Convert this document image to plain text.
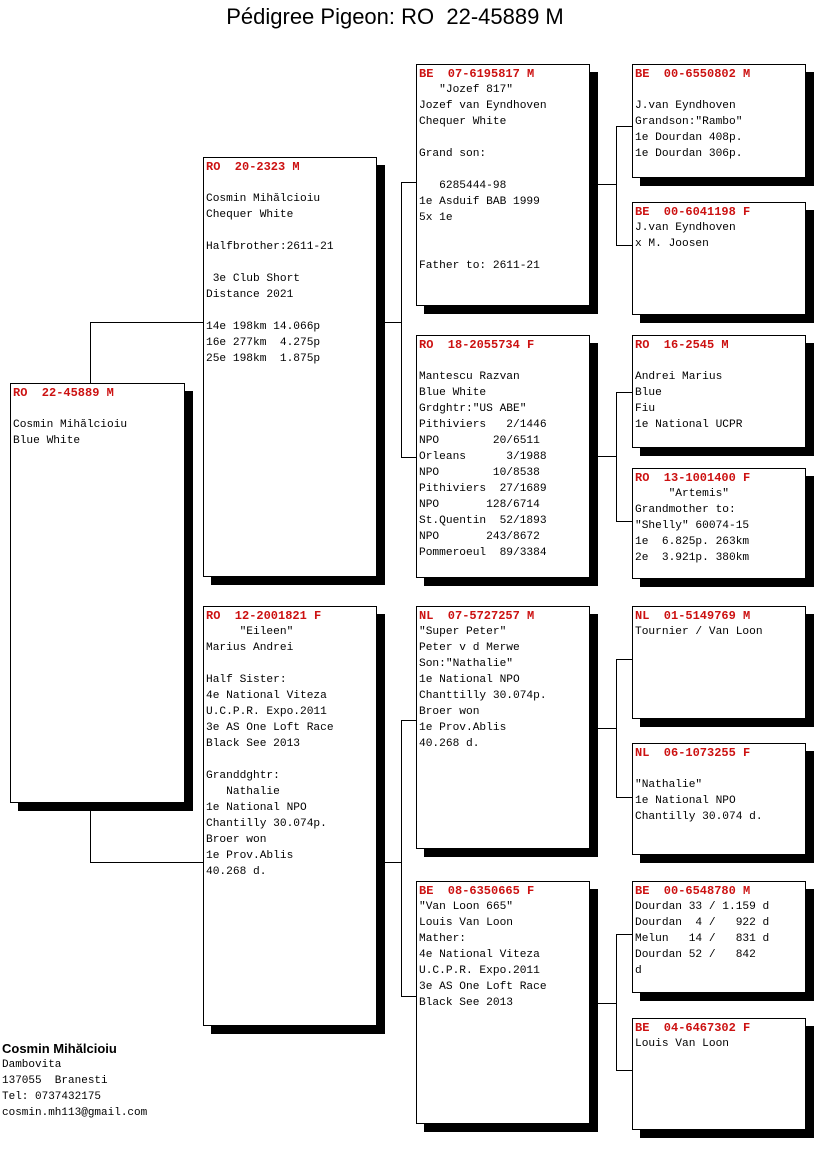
Pédigree Pigeon: RO  22-45889 M
RO  22-45889 M
Cosmin Mihălcioiu
Blue White
RO  20-2323 M
Cosmin Mihălcioiu
Chequer White
Halfbrother:2611-21
3e Club Short
Distance 2021
14e 198km 14.066p
16e 277km  4.275p
25e 198km  1.875p
RO  12-2001821 F
"Eileen"
Marius Andrei
Half Sister:
4e National Viteza
U.C.P.R. Expo.2011
3e AS One Loft Race
Black See 2013
Granddghtr:
Nathalie
1e National NPO
Chantilly 30.074p.
Broer won
1e Prov.Ablis
40.268 d.
BE  07-6195817 M
"Jozef 817"
Jozef van Eyndhoven
Chequer White
Grand son:
6285444-98
1e Asduif BAB 1999
5x 1e
Father to: 2611-21
RO  18-2055734 F
Mantescu Razvan
Blue White
Grdghtr:"US ABE"
Pithiviers   2/1446
NPO        20/6511
Orleans      3/1988
NPO        10/8538
Pithiviers  27/1689
NPO       128/6714
St.Quentin  52/1893
NPO       243/8672
Pommeroeul  89/3384
NL  07-5727257 M
"Super Peter"
Peter v d Merwe
Son:"Nathalie"
1e National NPO
Chanttilly 30.074p.
Broer won
1e Prov.Ablis
40.268 d.
BE  08-6350665 F
"Van Loon 665"
Louis Van Loon
Mather:
4e National Viteza
U.C.P.R. Expo.2011
3e AS One Loft Race
Black See 2013
BE  00-6550802 M
J.van Eyndhoven
Grandson:"Rambo"
1e Dourdan 408p.
1e Dourdan 306p.
BE  00-6041198 F
J.van Eyndhoven
x M. Joosen
RO  16-2545 M
Andrei Marius
Blue
Fiu
1e National UCPR
RO  13-1001400 F
"Artemis"
Grandmother to:
"Shelly" 60074-15
1e  6.825p. 263km
2e  3.921p. 380km
NL  01-5149769 M
Tournier / Van Loon
NL  06-1073255 F
"Nathalie"
1e National NPO
Chantilly 30.074 d.
BE  00-6548780 M
Dourdan 33 / 1.159 d
Dourdan  4 /   922 d
Melun   14 /   831 d
Dourdan 52 /   842
d
BE  04-6467302 F
Louis Van Loon
Cosmin Mihălcioiu
Dambovita
137055  Branesti
Tel: 0737432175
cosmin.mh113@gmail.com
